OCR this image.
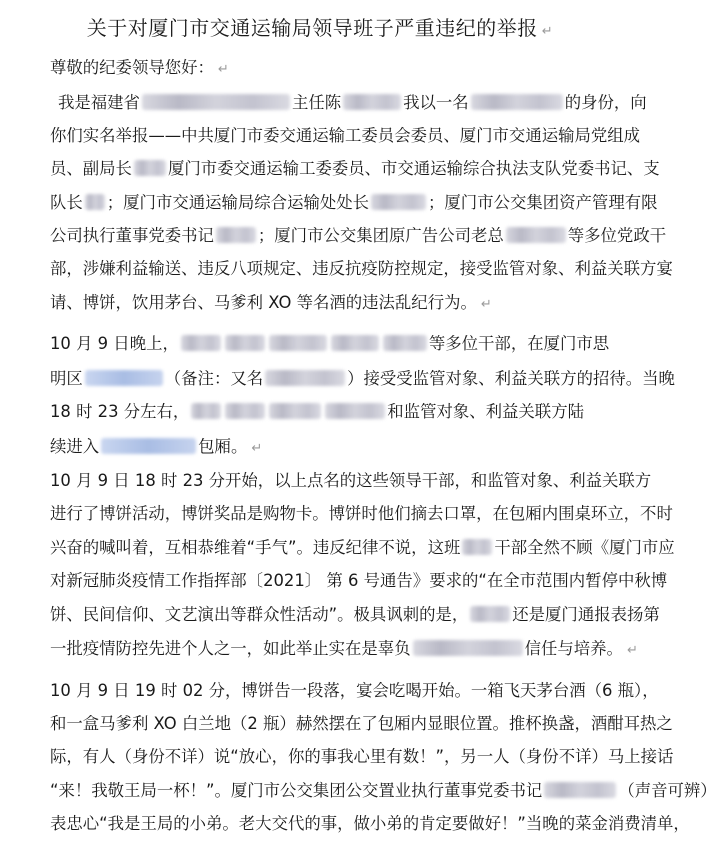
关于对厦门市交通运输局领导班子严重违纪的举报 ↵
尊敬的纪委领导您好： ↵
我是福建省	主任陈	我以一名	的身份，向
你们实名举报——中共厦门市委交通运输工委员会委员、厦门市交通运输局党组成
员、副局长 厦门市委交通运输工委委员、市交通运输综合执法支队党委书记、支
队长 ；厦门市交通运输局综合运输处处长	；厦门市公交集团资产管理有限
公司执行董事党委书记	；厦门市公交集团原广告公司老总	等多位党政干
部，涉嫌利益输送、违反八项规定、违反抗疫防控规定，接受监管对象、利益关联方宴
请、博饼，饮用茅台、马爹利 XO 等名酒的违法乱纪行为。 ↵
10 月 9 日晚上，	等多位干部，在厦门市思
明区	（备注：又名	）接受受监管对象、利益关联方的招待。当晚
18 时 23 分左右，	和监管对象、利益关联方陆
续进入	包厢。 ↵
10 月 9 日 18 时 23 分开始，以上点名的这些领导干部，和监管对象、利益关联方
进行了博饼活动，博饼奖品是购物卡。博饼时他们摘去口罩，在包厢内围桌环立，不时
兴奋的喊叫着，互相恭维着“手气”。违反纪律不说，这班 干部全然不顾《厦门市应
对新冠肺炎疫情工作指挥部〔2021〕 第 6 号通告》要求的“在全市范围内暂停中秋博
饼、民间信仰、文艺演出等群众性活动”。极具讽刺的是，	还是厦门通报表扬第
一批疫情防控先进个人之一，如此举止实在是辜负	信任与培养。 ↵
10 月 9 日 19 时 02 分，博饼告一段落，宴会吃喝开始。一箱飞天茅台酒（6 瓶），
和一盒马爹利 XO 白兰地（2 瓶）赫然摆在了包厢内显眼位置。推杯换盏，酒酣耳热之
际，有人（身份不详）说“放心，你的事我心里有数！”，另一人（身份不详）马上接话
“来！我敬王局一杯！”。厦门市公交集团公交置业执行董事党委书记	（声音可辨）
表忠心“我是王局的小弟。老大交代的事，做小弟的肯定要做好！”当晚的菜金消费清单，
